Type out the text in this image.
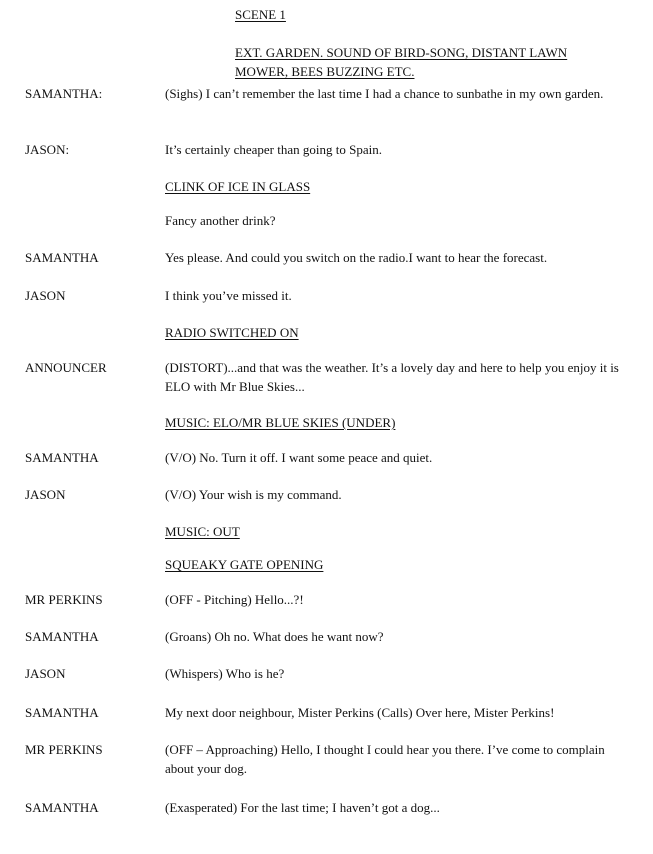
SCENE 1
EXT. GARDEN. SOUND OF BIRD-SONG, DISTANT LAWN
MOWER, BEES BUZZING ETC.
SAMANTHA:	(Sighs) I can’t remember the last time I had a chance to sunbathe in my own garden.
JASON:	It’s certainly cheaper than going to Spain.
CLINK OF ICE IN GLASS
Fancy another drink?
SAMANTHA	Yes please. And could you switch on the radio.I want to hear the forecast.
JASON	I think you’ve missed it.
RADIO SWITCHED ON
ANNOUNCER	(DISTORT)...and that was the weather. It’s a lovely day and here to help you enjoy it is ELO with Mr Blue Skies...
MUSIC: ELO/MR BLUE SKIES (UNDER)
SAMANTHA	(V/O) No. Turn it off. I want some peace and quiet.
JASON	(V/O) Your wish is my command.
MUSIC: OUT
SQUEAKY GATE OPENING
MR PERKINS	(OFF - Pitching) Hello...?!
SAMANTHA	(Groans) Oh no. What does he want now?
JASON	(Whispers) Who is he?
SAMANTHA	My next door neighbour, Mister Perkins (Calls) Over here, Mister Perkins!
MR PERKINS	(OFF – Approaching) Hello, I thought I could hear you there. I’ve come to complain about your dog.
SAMANTHA	(Exasperated) For the last time; I haven’t got a dog...
